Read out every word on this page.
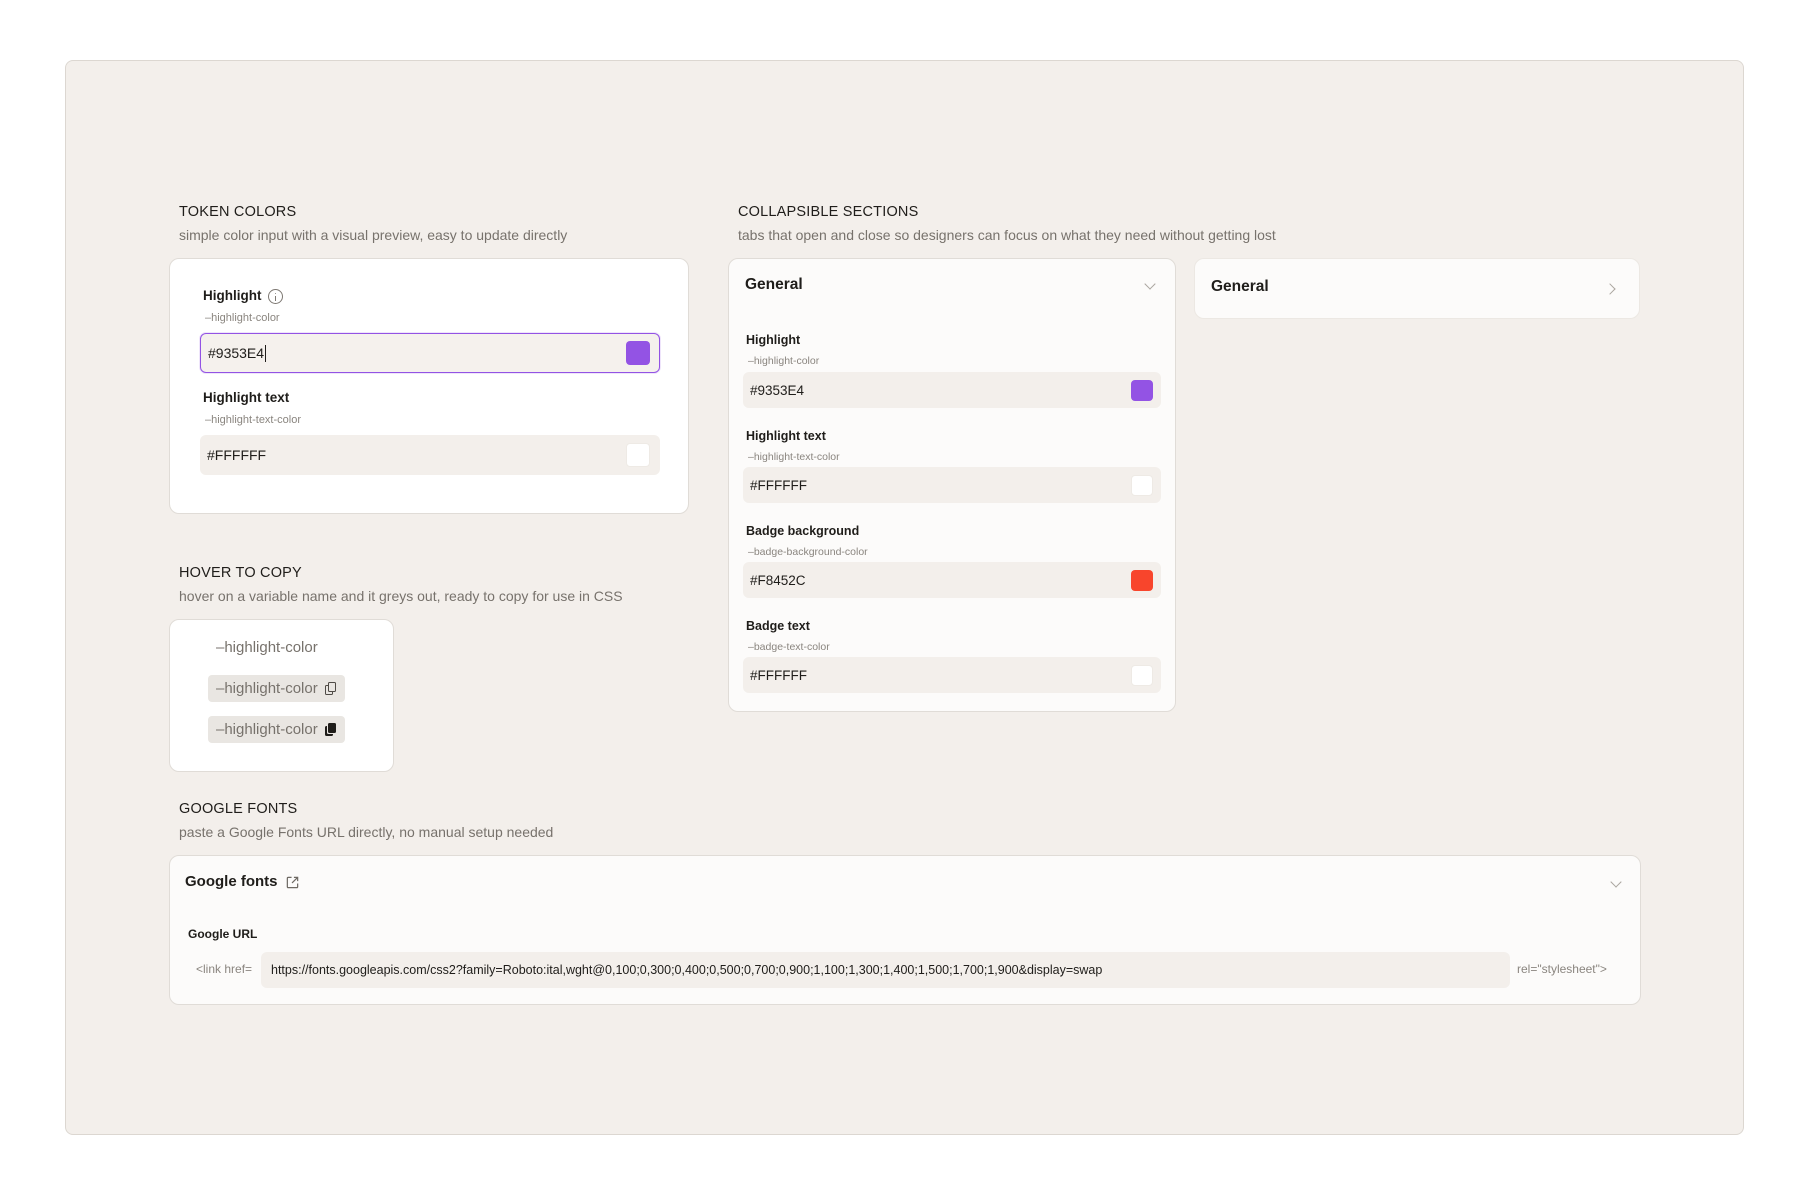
TOKEN COLORS
simple color input with a visual preview, easy to update directly
Highlight
–highlight-color
#9353E4
Highlight text
–highlight-text-color
#FFFFFF
HOVER TO COPY
hover on a variable name and it greys out, ready to copy for use in CSS
–highlight-color
–highlight-color
–highlight-color
COLLAPSIBLE SECTIONS
tabs that open and close so designers can focus on what they need without getting lost
General
Highlight
–highlight-color
#9353E4
Highlight text
–highlight-text-color
#FFFFFF
Badge background
–badge-background-color
#F8452C
Badge text
–badge-text-color
#FFFFFF
General
GOOGLE FONTS
paste a Google Fonts URL directly, no manual setup needed
Google fonts
Google URL
<link href= https://fonts.googleapis.com/css2?family=Roboto:ital,wght@0,100;0,300;0,400;0,500;0,700;0,900;1,100;1,300;1,400;1,500;1,700;1,900&display=swap	rel="stylesheet">
